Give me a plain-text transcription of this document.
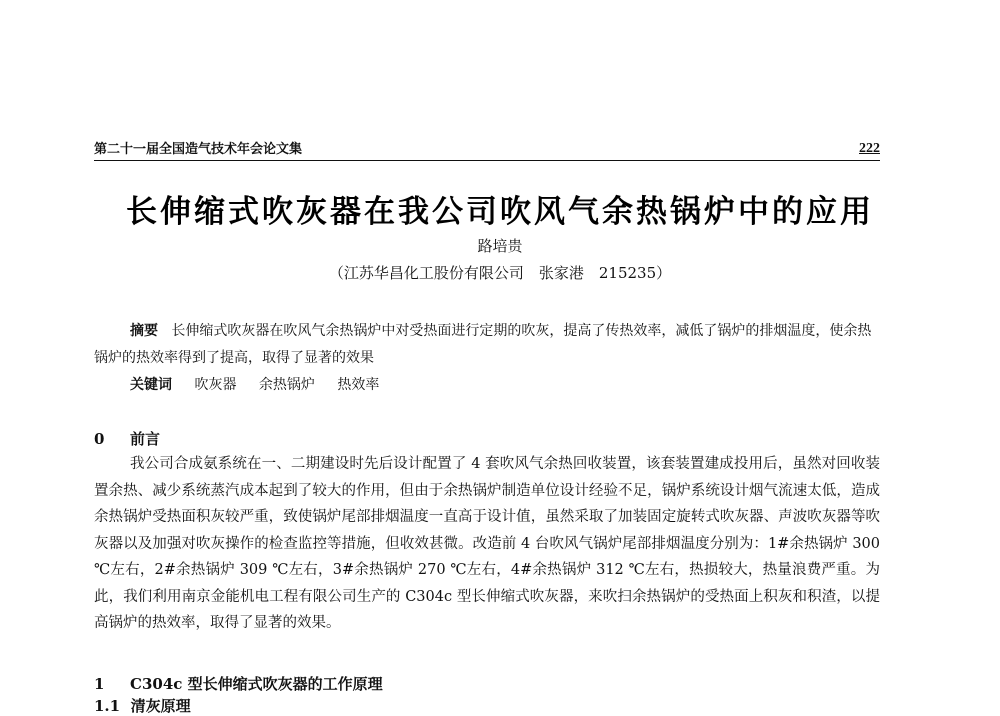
第二十一届全国造气技术年会论文集	222
长伸缩式吹灰器在我公司吹风气余热锅炉中的应用
路培贵
（江苏华昌化工股份有限公司　张家港　215235）

摘要 长伸缩式吹灰器在吹风气余热锅炉中对受热面进行定期的吹灰，提高了传热效率，减低了锅炉的排烟温度，使余热锅炉的热效率得到了提高，取得了显著的效果

关键词 吹灰器 余热锅炉 热效率
0 前言

我公司合成氨系统在一、二期建设时先后设计配置了 4 套吹风气余热回收装置，该套装置建成投用后，虽然对回收装置余热、减少系统蒸汽成本起到了较大的作用，但由于余热锅炉制造单位设计经验不足，锅炉系统设计烟气流速太低，造成余热锅炉受热面积灰较严重，致使锅炉尾部排烟温度一直高于设计值，虽然采取了加装固定旋转式吹灰器、声波吹灰器等吹灰器以及加强对吹灰操作的检查监控等措施，但收效甚微。改造前 4 台吹风气锅炉尾部排烟温度分别为：1#余热锅炉 300 ℃左右，2#余热锅炉 309 ℃左右，3#余热锅炉 270 ℃左右，4#余热锅炉 312 ℃左右，热损较大，热量浪费严重。为此，我们利用南京金能机电工程有限公司生产的 C304c 型长伸缩式吹灰器，来吹扫余热锅炉的受热面上积灰和积渣，以提高锅炉的热效率，取得了显著的效果。

1 C304c 型长伸缩式吹灰器的工作原理
1.1 清灰原理
